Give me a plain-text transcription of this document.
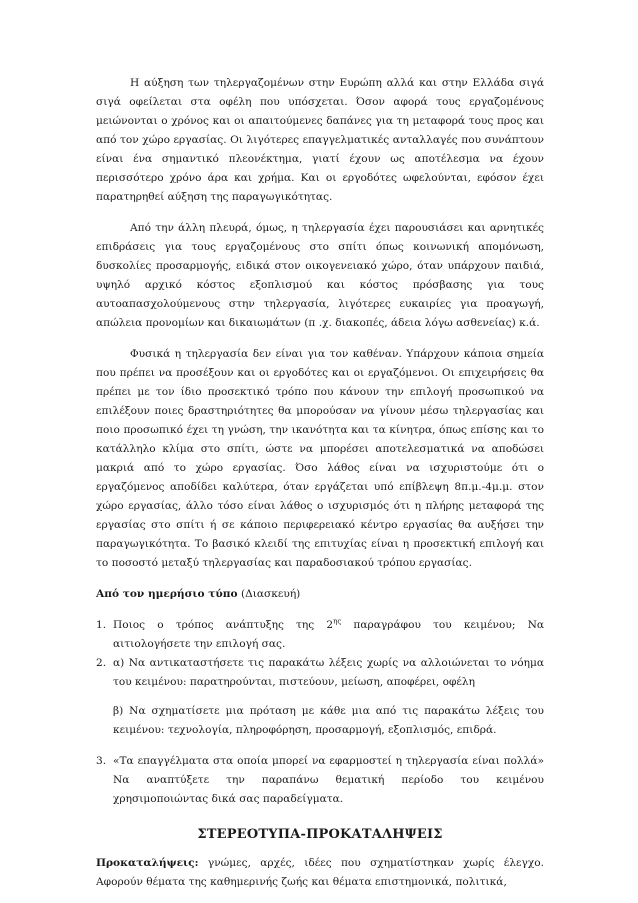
Η αύξηση των τηλεργαζομένων στην Ευρώπη αλλά και στην Ελλάδα σιγά σιγά οφείλεται στα οφέλη που υπόσχεται. Όσον αφορά τους εργαζομένους μειώνονται ο χρόνος και οι απαιτούμενες δαπάνες για τη μεταφορά τους προς και από τον χώρο εργασίας. Οι λιγότερες επαγγελματικές ανταλλαγές που συνάπτουν είναι ένα σημαντικό πλεονέκτημα, γιατί έχουν ως αποτέλεσμα να έχουν περισσότερο χρόνο άρα και χρήμα. Και οι εργοδότες ωφελούνται, εφόσον έχει παρατηρηθεί αύξηση της παραγωγικότητας.

Από την άλλη πλευρά, όμως, η τηλεργασία έχει παρουσιάσει και αρνητικές επιδράσεις για τους εργαζομένους στο σπίτι όπως κοινωνική απομόνωση, δυσκολίες προσαρμογής, ειδικά στον οικογενειακό χώρο, όταν υπάρχουν παιδιά, υψηλό αρχικό κόστος εξοπλισμού και κόστος πρόσβασης για τους αυτοαπασχολούμενους στην τηλεργασία, λιγότερες ευκαιρίες για προαγωγή, απώλεια προνομίων και δικαιωμάτων (π .χ. διακοπές, άδεια λόγω ασθενείας) κ.ά.

Φυσικά η τηλεργασία δεν είναι για τον καθέναν. Υπάρχουν κάποια σημεία που πρέπει να προσέξουν και οι εργοδότες και οι εργαζόμενοι. Οι επιχειρήσεις θα πρέπει με τον ίδιο προσεκτικό τρόπο που κάνουν την επιλογή προσωπικού να επιλέξουν ποιες δραστηριότητες θα μπορούσαν να γίνουν μέσω τηλεργασίας και ποιο προσωπικό έχει τη γνώση, την ικανότητα και τα κίνητρα, όπως επίσης και το κατάλληλο κλίμα στο σπίτι, ώστε να μπορέσει αποτελεσματικά να αποδώσει μακριά από το χώρο εργασίας. Όσο λάθος είναι να ισχυριστούμε ότι ο εργαζόμενος αποδίδει καλύτερα, όταν εργάζεται υπό επίβλεψη 8π.μ.-4μ.μ. στον χώρο εργασίας, άλλο τόσο είναι λάθος ο ισχυρισμός ότι η πλήρης μεταφορά της εργασίας στο σπίτι ή σε κάποιο περιφερειακό κέντρο εργασίας θα αυξήσει την παραγωγικότητα. Το βασικό κλειδί της επιτυχίας είναι η προσεκτική επιλογή και το ποσοστό μεταξύ τηλεργασίας και παραδοσιακού τρόπου εργασίας.

Από τον ημερήσιο τύπο (Διασκευή)

1. Ποιος ο τρόπος ανάπτυξης της $2^{\eta\varsigma}$ παραγράφου του κειμένου; Να αιτιολογήσετε την επιλογή σας.
2. α) Να αντικαταστήσετε τις παρακάτω λέξεις χωρίς να αλλοιώνεται το νόημα του κειμένου: παρατηρούνται, πιστεύουν, μείωση, αποφέρει, οφέλη

β) Να σχηματίσετε μια πρόταση με κάθε μια από τις παρακάτω λέξεις του κειμένου: τεχνολογία, πληροφόρηση, προσαρμογή, εξοπλισμός, επιδρά.

3. «Τα επαγγέλματα στα οποία μπορεί να εφαρμοστεί η τηλεργασία είναι πολλά» Να αναπτύξετε την παραπάνω θεματική περίοδο του κειμένου χρησιμοποιώντας δικά σας παραδείγματα.
ΣΤΕΡΕΟΤΥΠΑ-ΠΡΟΚΑΤΑΛΗΨΕΙΣ

Προκαταλήψεις: γνώμες, αρχές, ιδέες που σχηματίστηκαν χωρίς έλεγχο. Αφορούν θέματα της καθημερινής ζωής και θέματα επιστημονικά, πολιτικά,
